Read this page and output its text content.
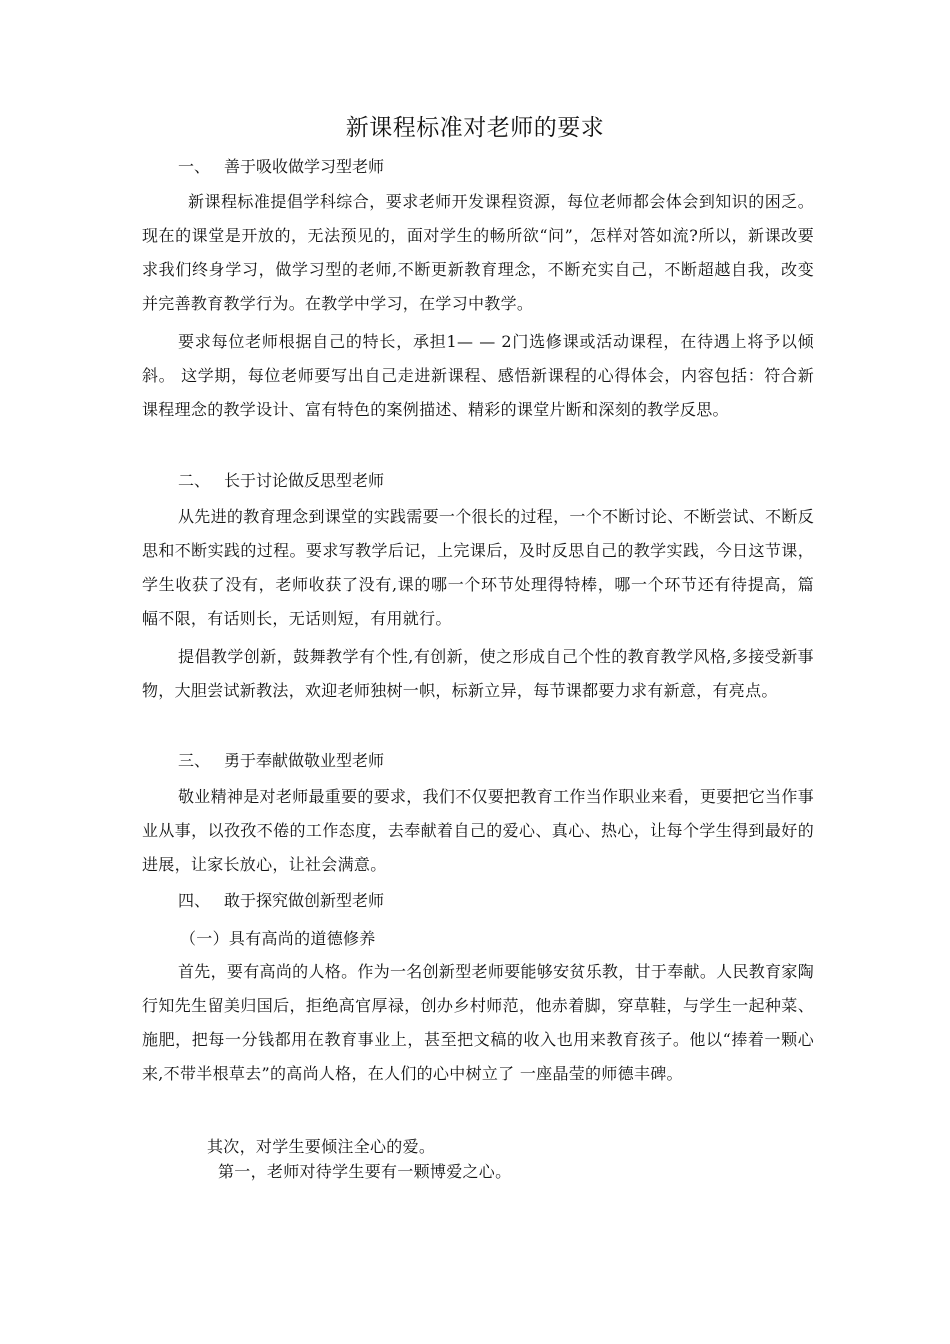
新课程标准对老师的要求
一、 善于吸收做学习型老师
新课程标准提倡学科综合，要求老师开发课程资源，每位老师都会体会到知识的困乏。现在的课堂是开放的，无法预见的，面对学生的畅所欲“问”，怎样对答如流?所以，新课改要求我们终身学习，做学习型的老师,不断更新教育理念，不断充实自己，不断超越自我，改变并完善教育教学行为。在教学中学习，在学习中教学。
要求每位老师根据自己的特长，承担1— — 2门选修课或活动课程，在待遇上将予以倾斜。 这学期，每位老师要写出自己走进新课程、感悟新课程的心得体会，内容包括：符合新课程理念的教学设计、富有特色的案例描述、精彩的课堂片断和深刻的教学反思。
二、 长于讨论做反思型老师
从先进的教育理念到课堂的实践需要一个很长的过程，一个不断讨论、不断尝试、不断反思和不断实践的过程。要求写教学后记，上完课后，及时反思自己的教学实践，今日这节课，学生收获了没有，老师收获了没有,课的哪一个环节处理得特棒，哪一个环节还有待提高，篇幅不限，有话则长，无话则短，有用就行。
提倡教学创新，鼓舞教学有个性,有创新，使之形成自己个性的教育教学风格,多接受新事物，大胆尝试新教法，欢迎老师独树一帜，标新立异，每节课都要力求有新意，有亮点。
三、 勇于奉献做敬业型老师
敬业精神是对老师最重要的要求，我们不仅要把教育工作当作职业来看，更要把它当作事业从事，以孜孜不倦的工作态度，去奉献着自己的爱心、真心、热心，让每个学生得到最好的进展，让家长放心，让社会满意。
四、 敢于探究做创新型老师
（一）具有高尚的道德修养
首先，要有高尚的人格。作为一名创新型老师要能够安贫乐教，甘于奉献。人民教育家陶行知先生留美归国后，拒绝高官厚禄，创办乡村师范，他赤着脚，穿草鞋，与学生一起种菜、施肥，把每一分钱都用在教育事业上，甚至把文稿的收入也用来教育孩子。他以“捧着一颗心来,不带半根草去”的高尚人格，在人们的心中树立了 一座晶莹的师德丰碑。
其次，对学生要倾注全心的爱。
第一，老师对待学生要有一颗博爱之心。
